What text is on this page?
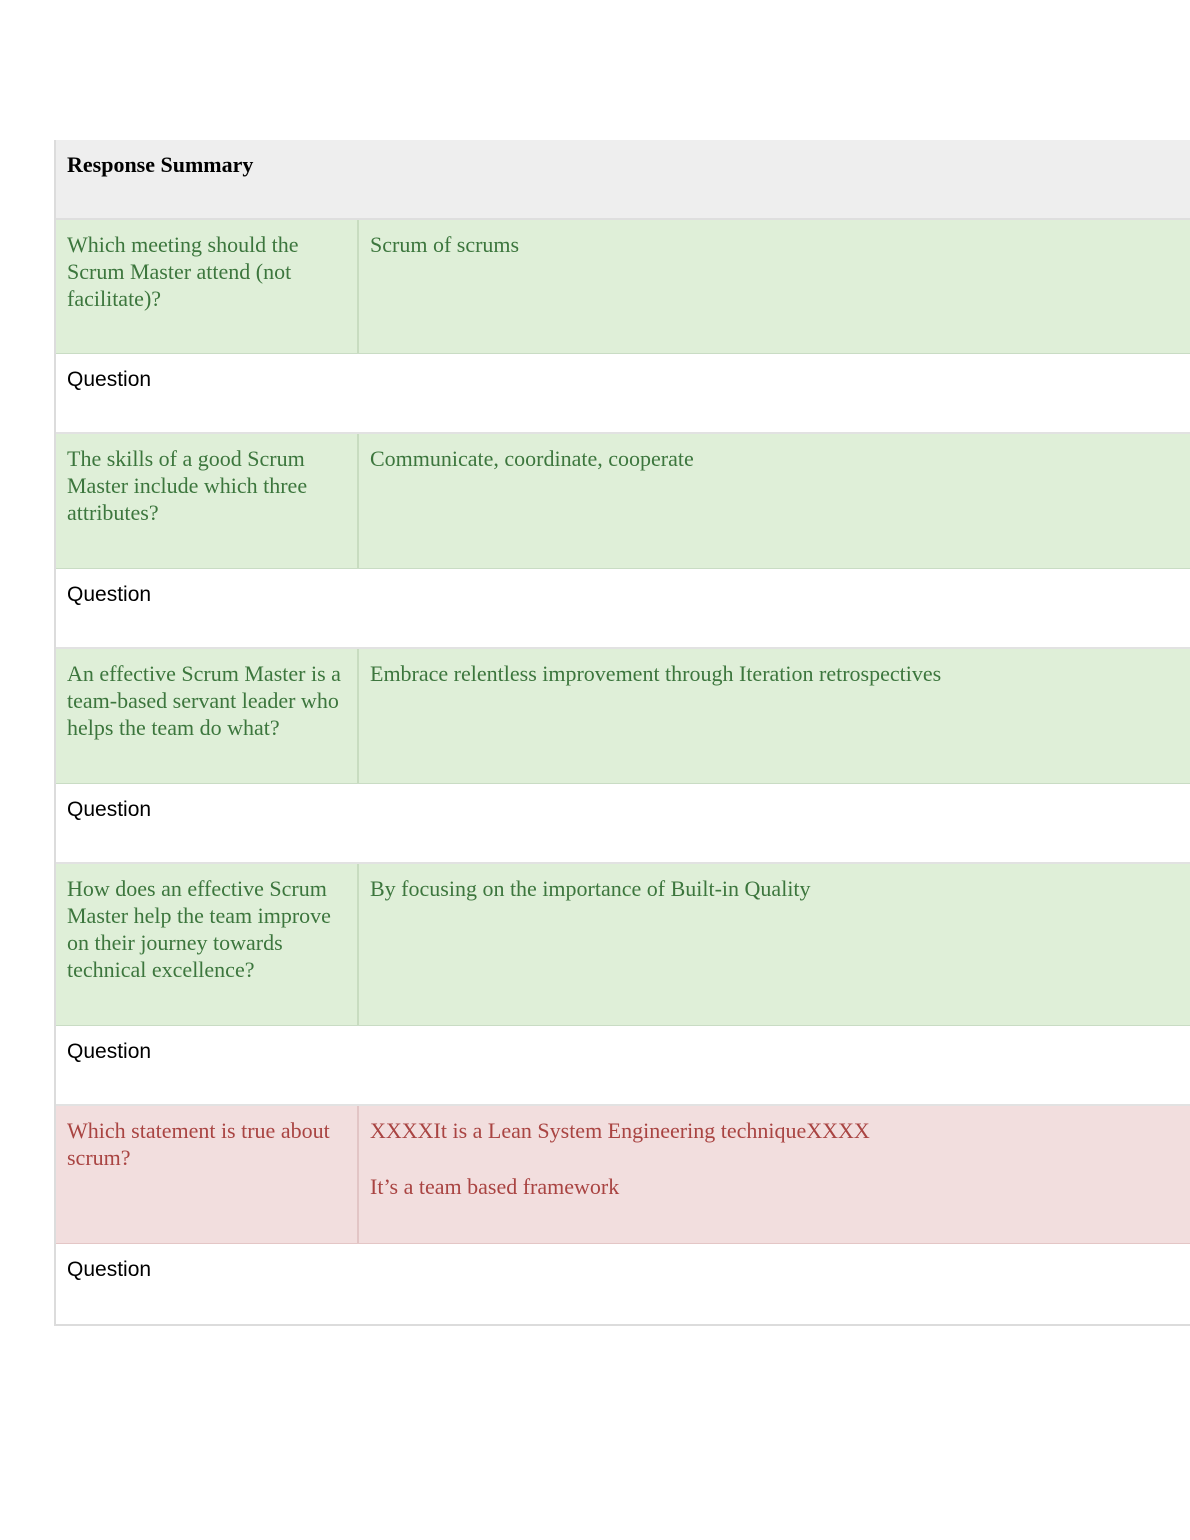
Response Summary
Which meeting should the Scrum Master attend (not facilitate)?

Scrum of scrums

Question
The skills of a good Scrum Master include which three attributes?

Communicate, coordinate, cooperate

Question
An effective Scrum Master is a team-based servant leader who helps the team do what?

Embrace relentless improvement through Iteration retrospectives

Question
How does an effective Scrum Master help the team improve on their journey towards technical excellence?

By focusing on the importance of Built-in Quality

Question
Which statement is true about scrum?

XXXXIt is a Lean System Engineering techniqueXXXX

It’s a team based framework

Question
